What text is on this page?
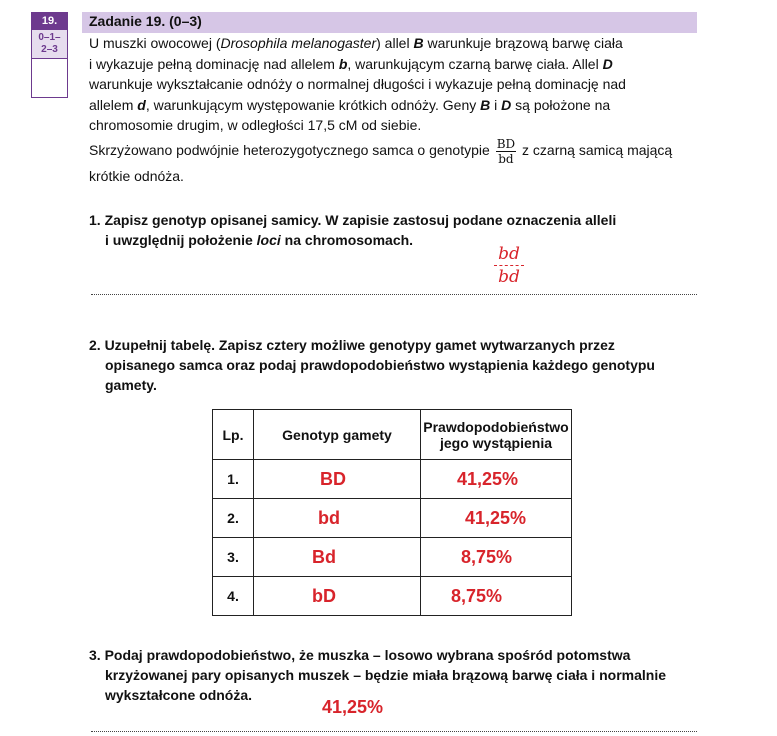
19.
0–1–
2–3
Zadanie 19. (0–3)
U muszki owocowej (Drosophila melanogaster) allel B warunkuje brązową barwę ciała
i wykazuje pełną dominację nad allelem b, warunkującym czarną barwę ciała. Allel D
warunkuje wykształcanie odnóży o normalnej długości i wykazuje pełną dominację nad
allelem d, warunkującym występowanie krótkich odnóży. Geny B i D są położone na
chromosomie drugim, w odległości 17,5 cM od siebie.
Skrzyżowano podwójnie heterozygotycznego samca o genotypie $\frac{BD}{bd}$ z czarną samicą mającą
krótkie odnóża.
1. Zapisz genotyp opisanej samicy. W zapisie zastosuj podane oznaczenia alleli
i uwzględnij położenie loci na chromosomach.
$\frac{bd}{bd}$
2. Uzupełnij tabelę. Zapisz cztery możliwe genotypy gamet wytwarzanych przez
opisanego samca oraz podaj prawdopodobieństwo wystąpienia każdego genotypu
gamety.
Lp.	Genotyp gamety	Prawdopodobieństwo
jego wystąpienia

1.	BD	41,25%
2.	bd	41,25%
3.	Bd	8,75%
4.	bD	8,75%
3. Podaj prawdopodobieństwo, że muszka – losowo wybrana spośród potomstwa
krzyżowanej pary opisanych muszek – będzie miała brązową barwę ciała i normalnie
wykształcone odnóża.
41,25%
